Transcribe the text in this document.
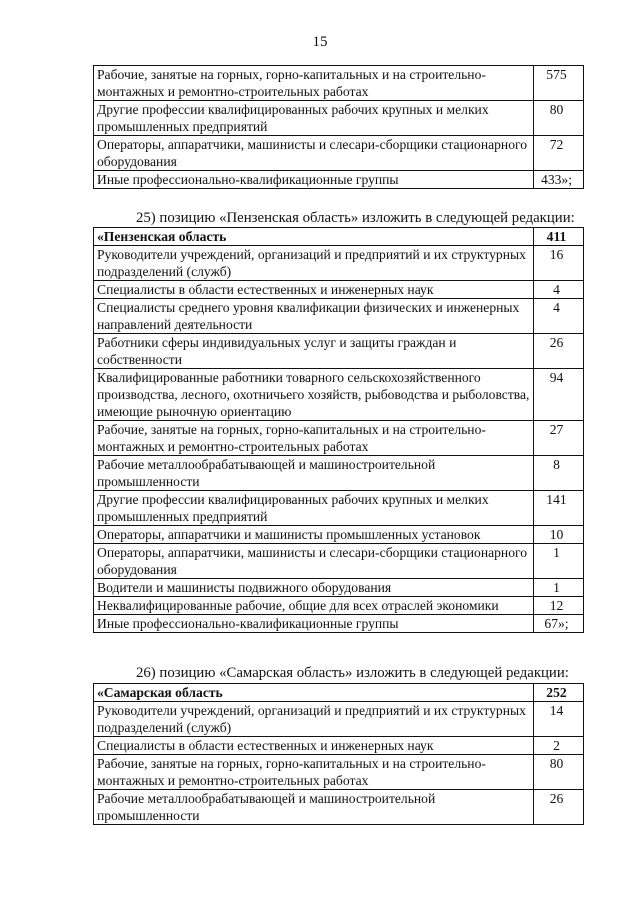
15
Рабочие, занятые на горных, горно-капитальных и на строительно-монтажных и ремонтно-строительных работах	575
Другие профессии квалифицированных рабочих крупных и мелких промышленных предприятий	80
Операторы, аппаратчики, машинисты и слесари-сборщики стационарного оборудования	72
Иные профессионально-квалификационные группы	433»;
25) позицию «Пензенская область» изложить в следующей редакции:
«Пензенская область	411
Руководители учреждений, организаций и предприятий и их структурных подразделений (служб)	16
Специалисты в области естественных и инженерных наук	4
Специалисты среднего уровня квалификации физических и инженерных направлений деятельности	4
Работники сферы индивидуальных услуг и защиты граждан и собственности	26
Квалифицированные работники товарного сельскохозяйственного производства, лесного, охотничьего хозяйств, рыбоводства и рыболовства, имеющие рыночную ориентацию	94
Рабочие, занятые на горных, горно-капитальных и на строительно-монтажных и ремонтно-строительных работах	27
Рабочие металлообрабатывающей и машиностроительной промышленности	8
Другие профессии квалифицированных рабочих крупных и мелких промышленных предприятий	141
Операторы, аппаратчики и машинисты промышленных установок	10
Операторы, аппаратчики, машинисты и слесари-сборщики стационарного оборудования	1
Водители и машинисты подвижного оборудования	1
Неквалифицированные рабочие, общие для всех отраслей экономики	12
Иные профессионально-квалификационные группы	67»;
26) позицию «Самарская область» изложить в следующей редакции:
«Самарская область	252
Руководители учреждений, организаций и предприятий и их структурных подразделений (служб)	14
Специалисты в области естественных и инженерных наук	2
Рабочие, занятые на горных, горно-капитальных и на строительно-монтажных и ремонтно-строительных работах	80
Рабочие металлообрабатывающей и машиностроительной промышленности	26
